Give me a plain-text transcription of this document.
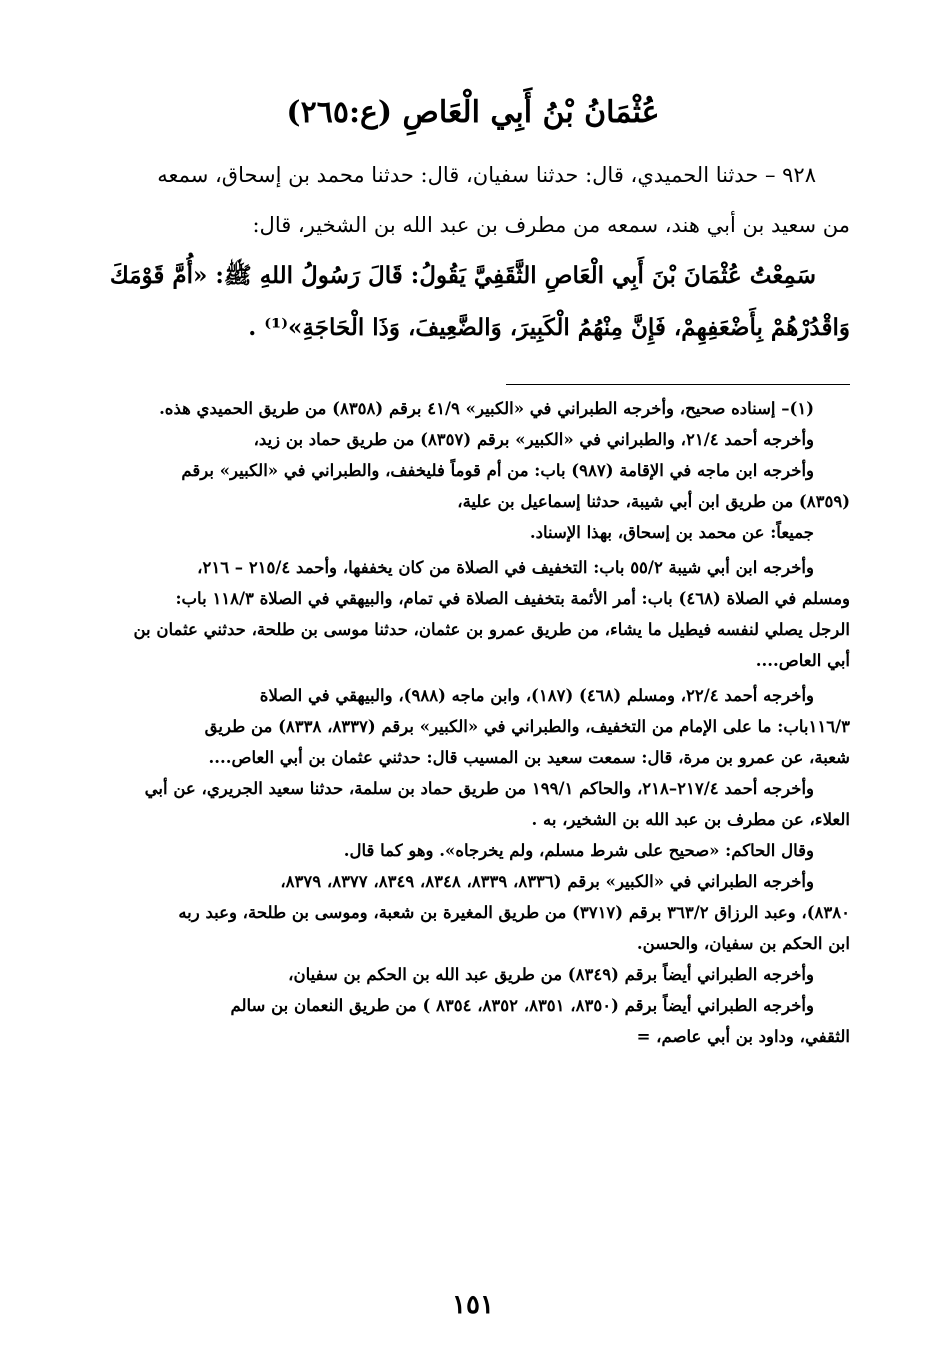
عُثْمَانُ بْنُ أَبِي الْعَاصِ (ع:٢٦٥)

٩٢٨ – حدثنا الحميدي، قال: حدثنا سفيان، قال: حدثنا محمد بن إسحاق، سمعه

من سعيد بن أبي هند، سمعه من مطرف بن عبد الله بن الشخير، قال:

سَمِعْتُ عُثْمَانَ بْنَ أَبِي الْعَاصِ الثَّقَفِيَّ يَقُولُ: قَالَ رَسُولُ اللهِ ﷺ: «أُمَّ قَوْمَكَ

وَاقْدُرْهُمْ بِأَضْعَفِهِمْ، فَإِنَّ مِنْهُمُ الْكَبِيرَ، وَالضَّعِيفَ، وَذَا الْحَاجَةِ»⁽¹⁾ .

(١)– إسناده صحيح، وأخرجه الطبراني في «الكبير» ٤١/٩ برقم (٨٣٥٨) من طريق الحميدي هذه.

وأخرجه أحمد ٢١/٤، والطبراني في «الكبير» برقم (٨٣٥٧) من طريق حماد بن زيد،

وأخرجه ابن ماجه في الإقامة (٩٨٧) باب: من أم قوماً فليخفف، والطبراني في «الكبير» برقم

(٨٣٥٩) من طريق ابن أبي شيبة، حدثنا إسماعيل بن علية،

جميعاً: عن محمد بن إسحاق، بهذا الإسناد.

وأخرجه ابن أبي شيبة ٥٥/٢ باب: التخفيف في الصلاة من كان يخففها، وأحمد ٢١٥/٤ – ٢١٦،

ومسلم في الصلاة (٤٦٨) باب: أمر الأئمة بتخفيف الصلاة في تمام، والبيهقي في الصلاة ١١٨/٣ باب:

الرجل يصلي لنفسه فيطيل ما يشاء، من طريق عمرو بن عثمان، حدثنا موسى بن طلحة، حدثني عثمان بن

أبي العاص....

وأخرجه أحمد ٢٢/٤، ومسلم (٤٦٨) (١٨٧)، وابن ماجه (٩٨٨)، والبيهقي في الصلاة

١١٦/٣باب: ما على الإمام من التخفيف، والطبراني في «الكبير» برقم (٨٣٣٧، ٨٣٣٨) من طريق

شعبة، عن عمرو بن مرة، قال: سمعت سعيد بن المسيب قال: حدثني عثمان بن أبي العاص....

وأخرجه أحمد ٢١٧/٤–٢١٨، والحاكم ١٩٩/١ من طريق حماد بن سلمة، حدثنا سعيد الجريري، عن أبي

العلاء، عن مطرف بن عبد الله بن الشخير، به .

وقال الحاكم: «صحيح على شرط مسلم، ولم يخرجاه». وهو كما قال.

وأخرجه الطبراني في «الكبير» برقم (٨٣٣٦، ٨٣٣٩، ٨٣٤٨، ٨٣٤٩، ٨٣٧٧، ٨٣٧٩،

٨٣٨٠)، وعبد الرزاق ٣٦٣/٢ برقم (٣٧١٧) من طريق المغيرة بن شعبة، وموسى بن طلحة، وعبد ربه

ابن الحكم بن سفيان، والحسن.

وأخرجه الطبراني أيضاً برقم (٨٣٤٩) من طريق عبد الله بن الحكم بن سفيان،

وأخرجه الطبراني أيضاً برقم (٨٣٥٠، ٨٣٥١، ٨٣٥٢، ٨٣٥٤ ) من طريق النعمان بن سالم

الثقفي، وداود بن أبي عاصم، =

١٥١
